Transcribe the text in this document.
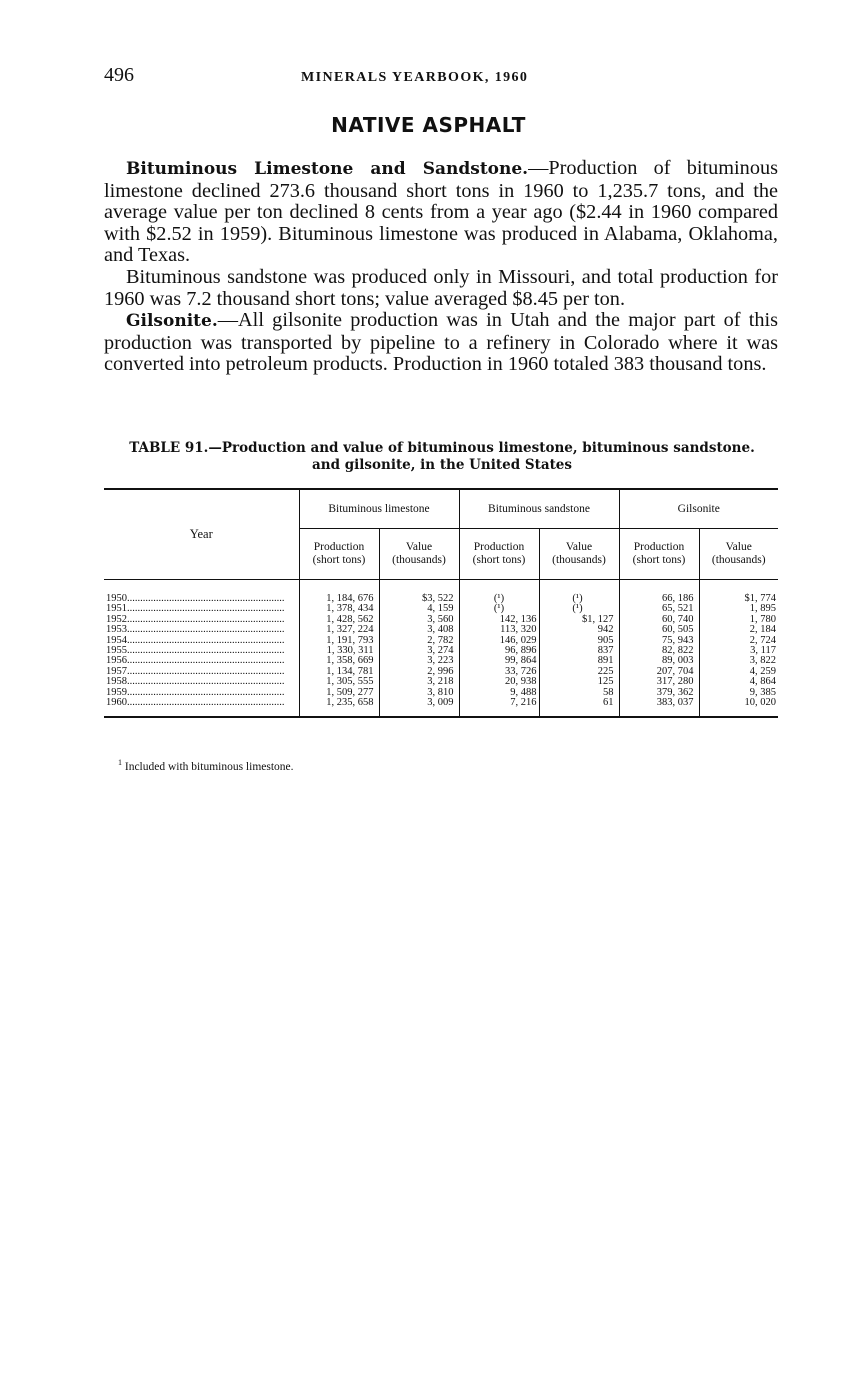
496	MINERALS YEARBOOK, 1960
NATIVE ASPHALT

Bituminous Limestone and Sandstone.—Production of bituminous limestone declined 273.6 thousand short tons in 1960 to 1,235.7 tons, and the average value per ton declined 8 cents from a year ago ($2.44 in 1960 compared with $2.52 in 1959). Bituminous limestone was produced in Alabama, Oklahoma, and Texas.

Bituminous sandstone was produced only in Missouri, and total production for 1960 was 7.2 thousand short tons; value averaged $8.45 per ton.

Gilsonite.—All gilsonite production was in Utah and the major part of this production was transported by pipeline to a refinery in Colorado where it was converted into petroleum products. Production in 1960 totaled 383 thousand tons.

TABLE 91.—Production and value of bituminous limestone, bituminous sandstone.
and gilsonite, in the United States
Year	Bituminous limestone		Bituminous sandstone		Gilsonite	
	Production
(short tons)	Value
(thousands)	Production
(short tons)	Value
(thousands)	Production
(short tons)	Value
(thousands)

1950............................................................	1, 184, 676	$3, 522	(¹)	(¹)	66, 186	$1, 774
1951............................................................	1, 378, 434	4, 159	(¹)	(¹)	65, 521	1, 895
1952............................................................	1, 428, 562	3, 560	142, 136	$1, 127	60, 740	1, 780
1953............................................................	1, 327, 224	3, 408	113, 320	942	60, 505	2, 184
1954............................................................	1, 191, 793	2, 782	146, 029	905	75, 943	2, 724
1955............................................................	1, 330, 311	3, 274	96, 896	837	82, 822	3, 117
1956............................................................	1, 358, 669	3, 223	99, 864	891	89, 003	3, 822
1957............................................................	1, 134, 781	2, 996	33, 726	225	207, 704	4, 259
1958............................................................	1, 305, 555	3, 218	20, 938	125	317, 280	4, 864
1959............................................................	1, 509, 277	3, 810	9, 488	58	379, 362	9, 385
1960............................................................	1, 235, 658	3, 009	7, 216	61	383, 037	10, 020

$^1$ Included with bituminous limestone.
